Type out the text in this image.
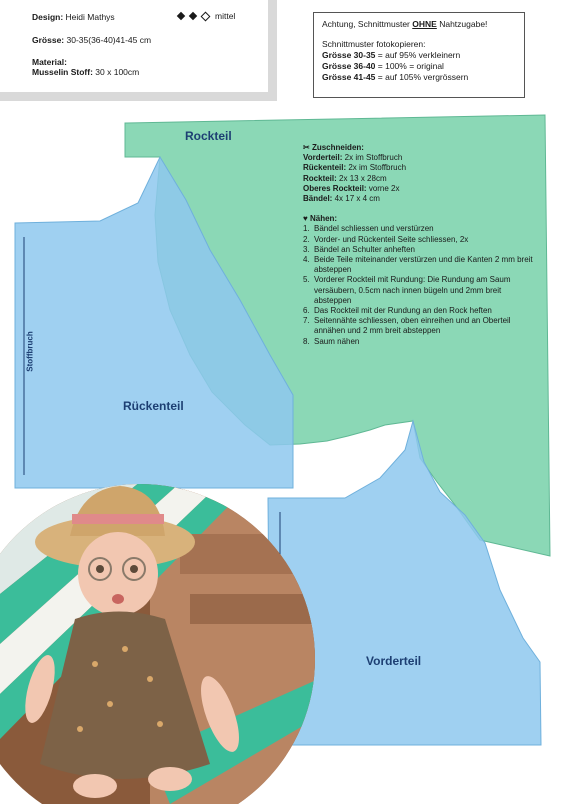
Design: Heidi Mathys
Grösse: 30-35(36-40)41-45 cm
Material:
Musselin Stoff: 30 x 100cm
mittel
Achtung, Schnittmuster OHNE Nahtzugabe!
Schnittmuster fotokopieren:
Grösse 30-35 = auf 95% verkleinern
Grösse 36-40 = 100% = original
Grösse 41-45 = auf 105% vergrössern
Rockteil
Rückenteil
Vorderteil
Stoffbruch
✂ Zuschneiden:
Vorderteil: 2x im Stoffbruch
Rückenteil: 2x im Stoffbruch
Rockteil: 2x 13 x 28cm
Oberes Rockteil: vorne 2x
Bändel: 4x 17 x 4 cm
♥ Nähen:
1. Bändel schliessen und verstürzen
2. Vorder- und Rückenteil Seite schliessen, 2x
3. Bändel an Schulter anheften
4. Beide Teile miteinander verstürzen und die Kanten 2 mm breit absteppen
5. Vorderer Rockteil mit Rundung: Die Rundung am Saum versäubern, 0.5cm nach innen bügeln und 2mm breit absteppen
6. Das Rockteil mit der Rundung an den Rock heften
7. Seitennähte schliessen, oben einreihen und an Oberteil annähen und 2 mm breit absteppen
8. Saum nähen
PassionForum.ru
